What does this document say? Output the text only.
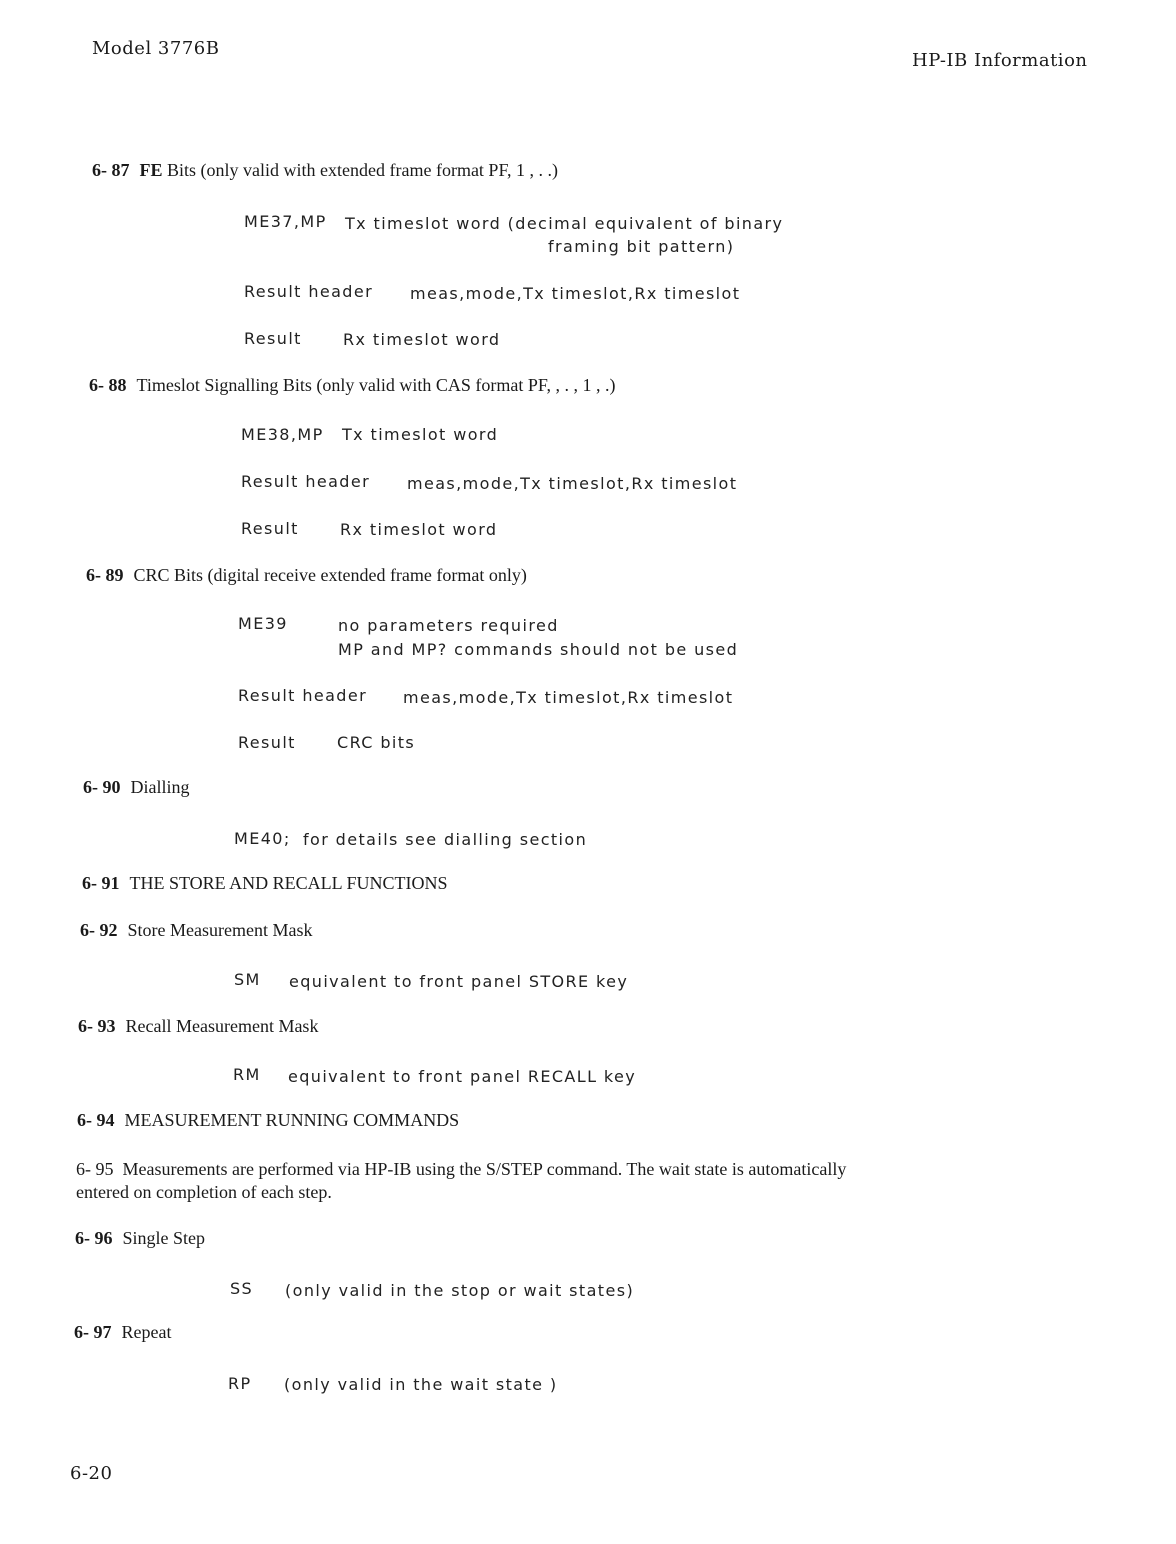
Model 3776B
HP-IB Information
6- 87 FE Bits (only valid with extended frame format PF, 1 , . .)
ME37,MP Tx timeslot word (decimal equivalent of binary
framing bit pattern)
Result header meas,mode,Tx timeslot,Rx timeslot
Result	Rx timeslot word
6- 88 Timeslot Signalling Bits (only valid with CAS format PF, , . , 1 , .)
ME38,MP Tx timeslot word
Result header meas,mode,Tx timeslot,Rx timeslot
Result	Rx timeslot word
6- 89 CRC Bits (digital receive extended frame format only)
ME39	no parameters required
MP and MP? commands should not be used
Result header meas,mode,Tx timeslot,Rx timeslot
Result	CRC bits
6- 90 Dialling
ME40; for details see dialling section
6- 91 THE STORE AND RECALL FUNCTIONS
6- 92 Store Measurement Mask
SM equivalent to front panel STORE key
6- 93 Recall Measurement Mask
RM equivalent to front panel RECALL key
6- 94 MEASUREMENT RUNNING COMMANDS
6- 95 Measurements are performed via HP-IB using the S/STEP command. The wait state is automatically
entered on completion of each step.
6- 96 Single Step
SS (only valid in the stop or wait states)
6- 97 Repeat
RP (only valid in the wait state )
6-20
